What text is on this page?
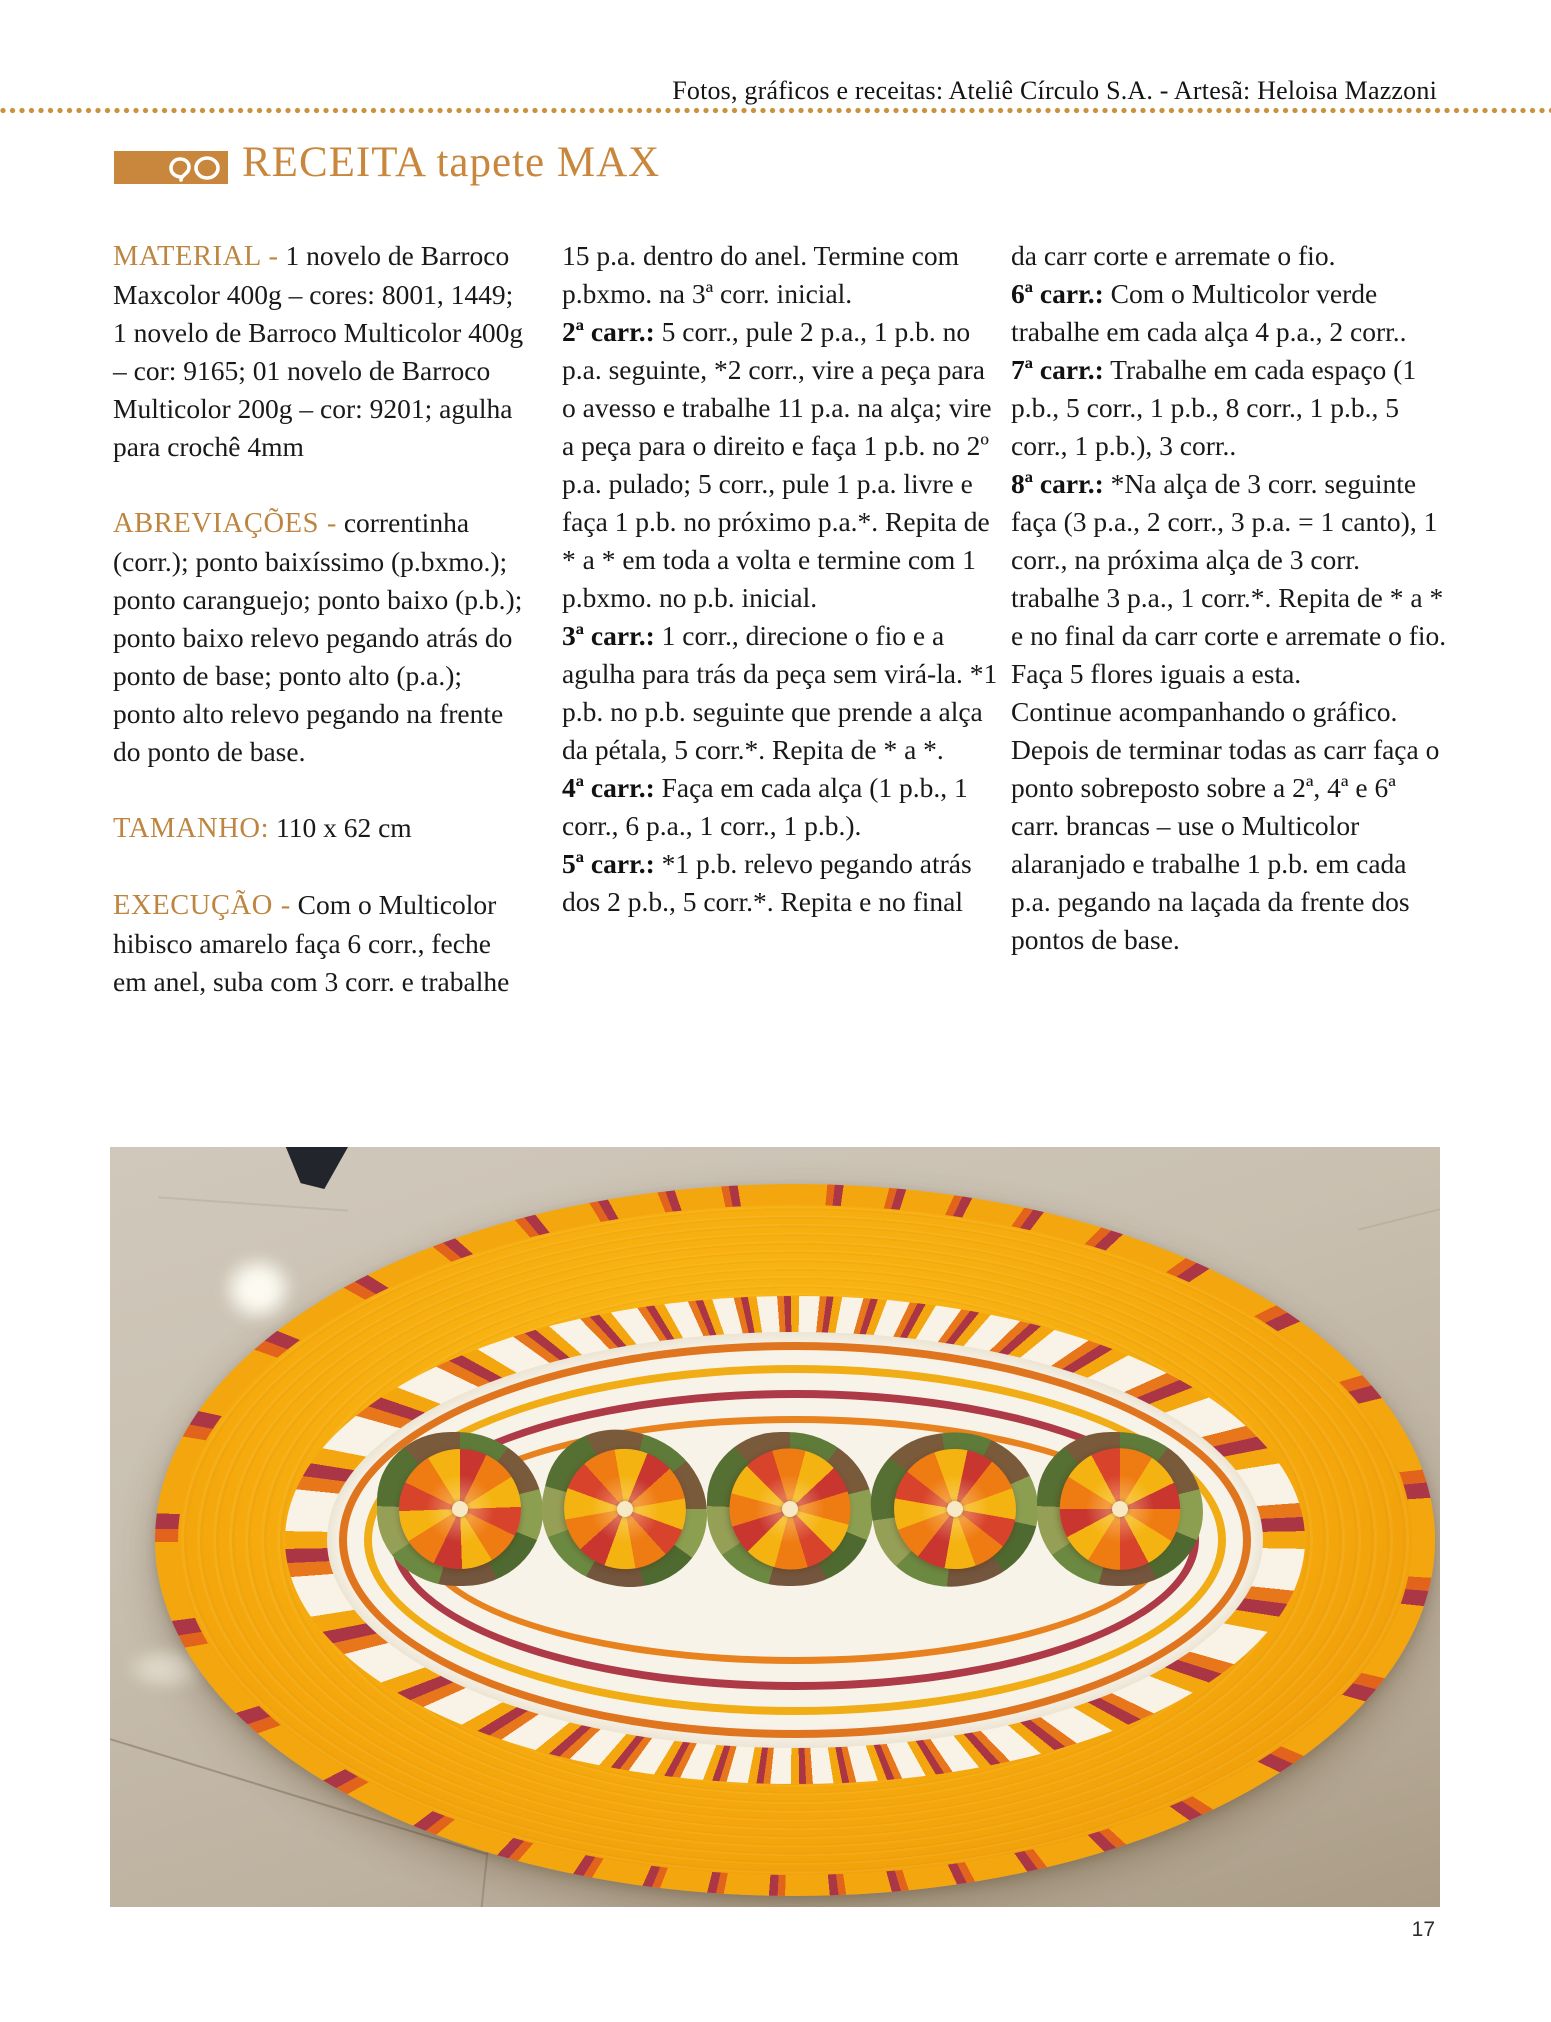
Fotos, gráficos e receitas: Ateliê Círculo S.A. - Artesã: Heloisa Mazzoni
RECEITA tapete MAX

MATERIAL - 1 novelo de Barroco Maxcolor 400g – cores: 8001, 1449; 1 novelo de Barroco Multicolor 400g – cor: 9165; 01 novelo de Barroco Multicolor 200g – cor: 9201; agulha para crochê 4mm

ABREVIAÇÕES - correntinha (corr.); ponto baixíssimo (p.bxmo.); ponto caranguejo; ponto baixo (p.b.); ponto baixo relevo pegando atrás do ponto de base; ponto alto (p.a.); ponto alto relevo pegando na frente do ponto de base.

TAMANHO: 110 x 62 cm

EXECUÇÃO - Com o Multicolor hibisco amarelo faça 6 corr., feche em anel, suba com 3 corr. e trabalhe

15 p.a. dentro do anel. Termine com p.bxmo. na 3ª corr. inicial.

2ª carr.: 5 corr., pule 2 p.a., 1 p.b. no p.a. seguinte, *2 corr., vire a peça para o avesso e trabalhe 11 p.a. na alça; vire a peça para o direito e faça 1 p.b. no 2º p.a. pulado; 5 corr., pule 1 p.a. livre e faça 1 p.b. no próximo p.a.*. Repita de * a * em toda a volta e termine com 1 p.bxmo. no p.b. inicial.

3ª carr.: 1 corr., direcione o fio e a agulha para trás da peça sem virá-la. *1 p.b. no p.b. seguinte que prende a alça da pétala, 5 corr.*. Repita de * a *.

4ª carr.: Faça em cada alça (1 p.b., 1 corr., 6 p.a., 1 corr., 1 p.b.).

5ª carr.: *1 p.b. relevo pegando atrás dos 2 p.b., 5 corr.*. Repita e no final

da carr corte e arremate o fio.

6ª carr.: Com o Multicolor verde trabalhe em cada alça 4 p.a., 2 corr..

7ª carr.: Trabalhe em cada espaço (1 p.b., 5 corr., 1 p.b., 8 corr., 1 p.b., 5 corr., 1 p.b.), 3 corr..

8ª carr.: *Na alça de 3 corr. seguinte faça (3 p.a., 2 corr., 3 p.a. = 1 canto), 1 corr., na próxima alça de 3 corr. trabalhe 3 p.a., 1 corr.*. Repita de * a * e no final da carr corte e arremate o fio.

Faça 5 flores iguais a esta.

Continue acompanhando o gráfico.

Depois de terminar todas as carr faça o ponto sobreposto sobre a 2ª, 4ª e 6ª carr. brancas – use o Multicolor alaranjado e trabalhe 1 p.b. em cada p.a. pegando na laçada da frente dos pontos de base.

17
